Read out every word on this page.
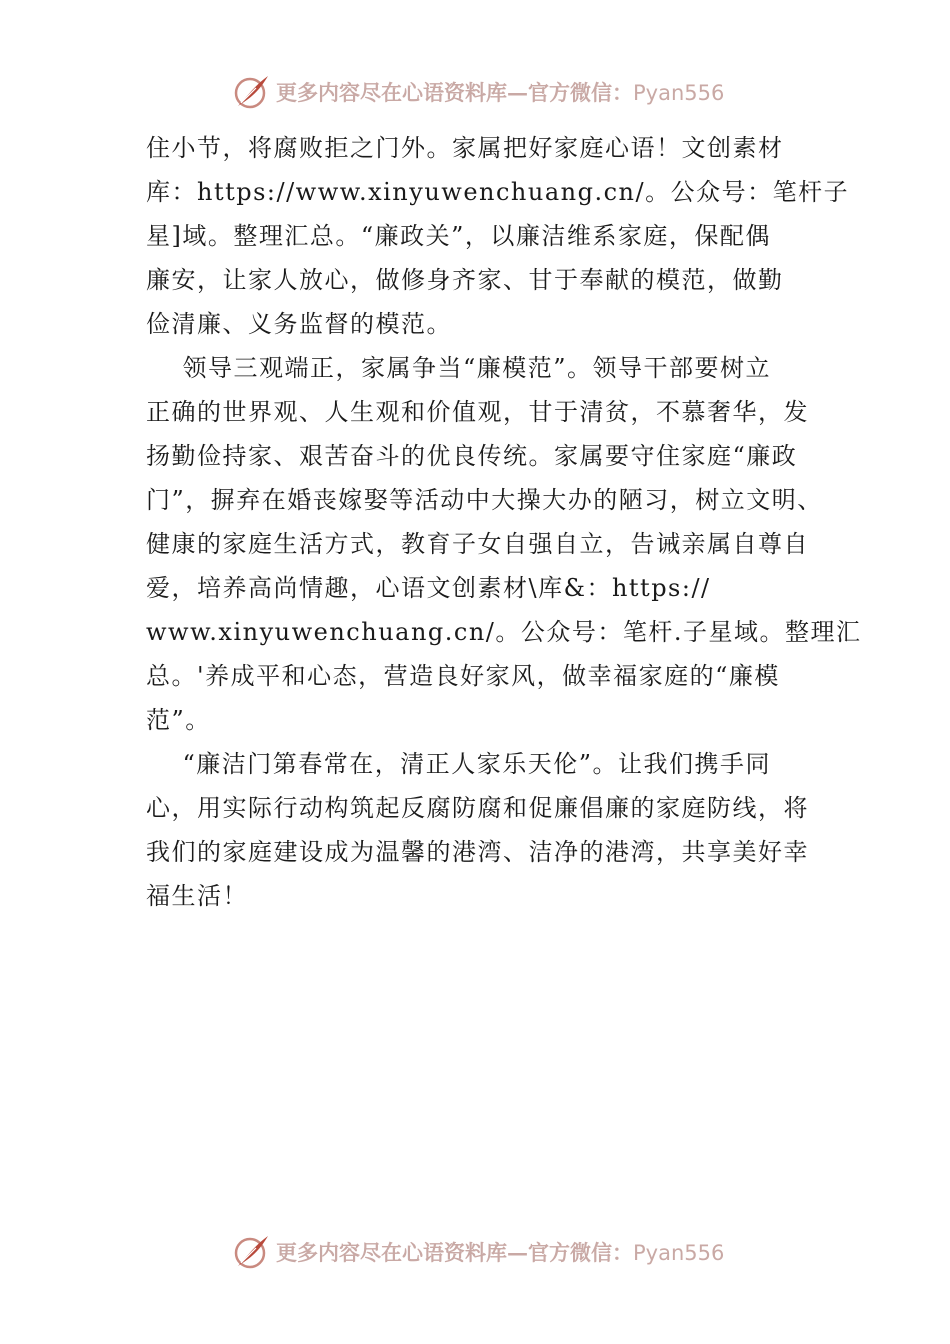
更多内容尽在心语资料库—官方微信：Pyan556
住小节，将腐败拒之门外。家属把好家庭心语！文创素材
库：https://www.xinyuwenchuang.cn/。公众号：笔杆子
星]域。整理汇总。“廉政关”，以廉洁维系家庭，保配偶
廉安，让家人放心，做修身齐家、甘于奉献的模范，做勤
俭清廉、义务监督的模范。
领导三观端正，家属争当“廉模范”。领导干部要树立
正确的世界观、人生观和价值观，甘于清贫，不慕奢华，发
扬勤俭持家、艰苦奋斗的优良传统。家属要守住家庭“廉政
门”，摒弃在婚丧嫁娶等活动中大操大办的陋习，树立文明、
健康的家庭生活方式，教育子女自强自立，告诫亲属自尊自
爱，培养高尚情趣，心语文创素材\库&：https://
www.xinyuwenchuang.cn/。公众号：笔杆.子星域。整理汇
总。'养成平和心态，营造良好家风，做幸福家庭的“廉模
范”。
“廉洁门第春常在，清正人家乐天伦”。让我们携手同
心，用实际行动构筑起反腐防腐和促廉倡廉的家庭防线，将
我们的家庭建设成为温馨的港湾、洁净的港湾，共享美好幸
福生活！
更多内容尽在心语资料库—官方微信：Pyan556
